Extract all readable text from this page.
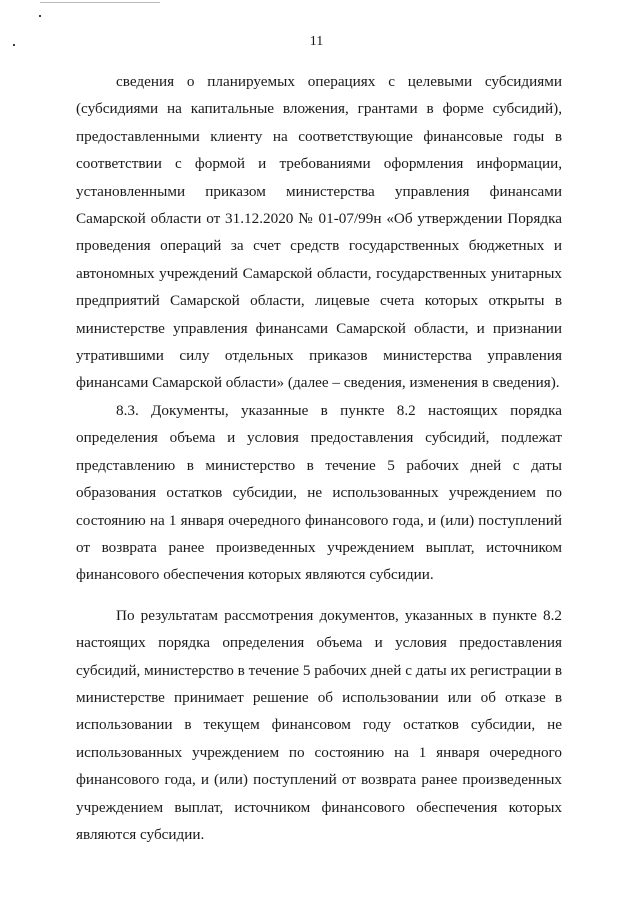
11

сведения о планируемых операциях с целевыми субсидиями (субсидиями на капитальные вложения, грантами в форме субсидий), предоставленными клиенту на соответствующие финансовые годы в соответствии с формой и требованиями оформления информации, установленными приказом министерства управления финансами Самарской области от 31.12.2020 № 01-07/99н «Об утверждении Порядка проведения операций за счет средств государственных бюджетных и автономных учреждений Самарской области, государственных унитарных предприятий Самарской области, лицевые счета которых открыты в министерстве управления финансами Самарской области, и признании утратившими силу отдельных приказов министерства управления финансами Самарской области» (далее – сведения, изменения в сведения).

8.3. Документы, указанные в пункте 8.2 настоящих порядка определения объема и условия предоставления субсидий, подлежат представлению в министерство в течение 5 рабочих дней с даты образования остатков субсидии, не использованных учреждением по состоянию на 1 января очередного финансового года, и (или) поступлений от возврата ранее произведенных учреждением выплат, источником финансового обеспечения которых являются субсидии.

По результатам рассмотрения документов, указанных в пункте 8.2 настоящих порядка определения объема и условия предоставления субсидий, министерство в течение 5 рабочих дней с даты их регистрации в министерстве принимает решение об использовании или об отказе в использовании в текущем финансовом году остатков субсидии, не использованных учреждением по состоянию на 1 января очередного финансового года, и (или) поступлений от возврата ранее произведенных учреждением выплат, источником финансового обеспечения которых являются субсидии.
